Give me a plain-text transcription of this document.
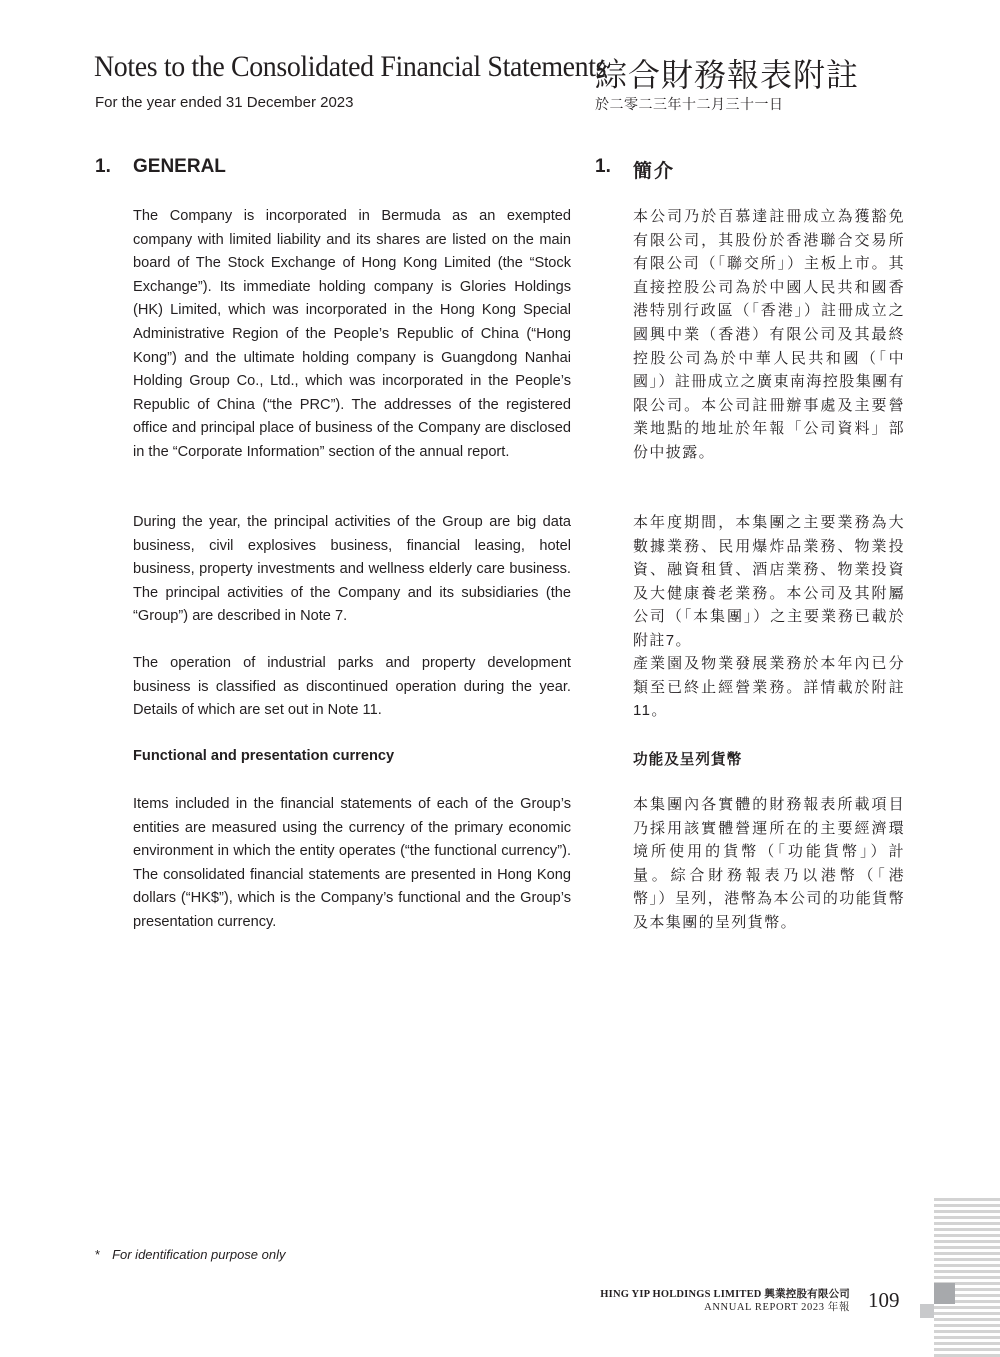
Notes to the Consolidated Financial Statements
For the year ended 31 December 2023
綜合財務報表附註
於二零二三年十二月三十一日
1. GENERAL	1. 簡介
The Company is incorporated in Bermuda as an exempted company with limited liability and its shares are listed on the main board of The Stock Exchange of Hong Kong Limited (the “Stock Exchange”). Its immediate holding company is Glories Holdings (HK) Limited, which was incorporated in the Hong Kong Special Administrative Region of the People’s Republic of China (“Hong Kong”) and the ultimate holding company is Guangdong Nanhai Holding Group Co., Ltd., which was incorporated in the People’s Republic of China (“the PRC”). The addresses of the registered office and principal place of business of the Company are disclosed in the “Corporate Information” section of the annual report.
During the year, the principal activities of the Group are big data business, civil explosives business, financial leasing, hotel business, property investments and wellness elderly care business. The principal activities of the Company and its subsidiaries (the “Group”) are described in Note 7.
The operation of industrial parks and property development business is classified as discontinued operation during the year. Details of which are set out in Note 11.
本公司乃於百慕達註冊成立為獲豁免有限公司，其股份於香港聯合交易所有限公司（「聯交所」）主板上市。其直接控股公司為於中國人民共和國香港特別行政區（「香港」）註冊成立之國興中業（香港）有限公司及其最終控股公司為於中華人民共和國（「中國」）註冊成立之廣東南海控股集團有限公司。本公司註冊辦事處及主要營業地點的地址於年報「公司資料」部份中披露。
本年度期間，本集團之主要業務為大數據業務、民用爆炸品業務、物業投資、融資租賃、酒店業務、物業投資及大健康養老業務。本公司及其附屬公司（「本集團」）之主要業務已載於附註7。
產業園及物業發展業務於本年內已分類至已終止經營業務。詳情載於附註11。
Functional and presentation currency	功能及呈列貨幣
Items included in the financial statements of each of the Group’s entities are measured using the currency of the primary economic environment in which the entity operates (“the functional currency”). The consolidated financial statements are presented in Hong Kong dollars (“HK$”), which is the Company’s functional and the Group’s presentation currency.
本集團內各實體的財務報表所載項目乃採用該實體營運所在的主要經濟環境所使用的貨幣（「功能貨幣」）計量。綜合財務報表乃以港幣（「港幣」）呈列，港幣為本公司的功能貨幣及本集團的呈列貨幣。
* For identification purpose only
HING YIP HOLDINGS LIMITED 興業控股有限公司
ANNUAL REPORT 2023 年報 109
